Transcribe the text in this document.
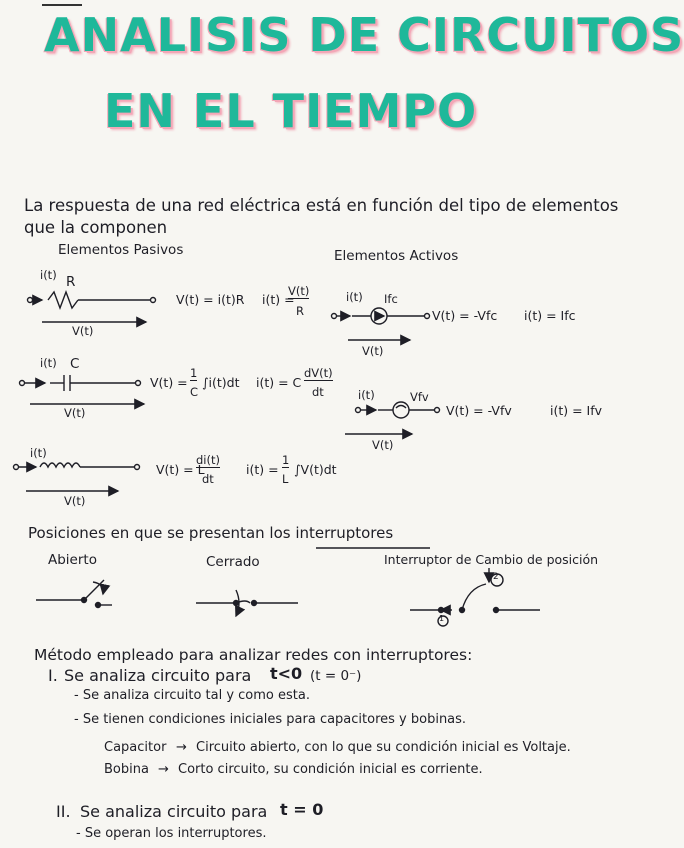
ANALISIS DE CIRCUITOS
EN EL TIEMPO
La respuesta de una red eléctrica está en función del tipo de elementos
que la componen
Elementos Pasivos	Elementos Activos
i(t) R
V(t)
V(t) = i(t)R i(t) =
V(t)
R
i(t) C
V(t)
V(t) =
1
C
∫i(t)dt i(t) = C
dV(t)
dt
i(t)
V(t)
V(t) = L
di(t)
dt
i(t) =
1
L
∫V(t)dt
i(t) Ifc
V(t)
V(t) = -Vfc i(t) = Ifc
i(t)	Vfv
V(t)
V(t) = -Vfv	i(t) = Ifv
Posiciones en que se presentan los interruptores
Abierto	Cerrado	Interruptor de Cambio de posición
1
2
Método empleado para analizar redes con interruptores:
I. Se analiza circuito para t<0 (t = 0⁻)
- Se analiza circuito tal y como esta.
- Se tienen condiciones iniciales para capacitores y bobinas.
Capacitor → Circuito abierto, con lo que su condición inicial es Voltaje.
Bobina → Corto circuito, su condición inicial es corriente.
II. Se analiza circuito para t = 0
- Se operan los interruptores.
